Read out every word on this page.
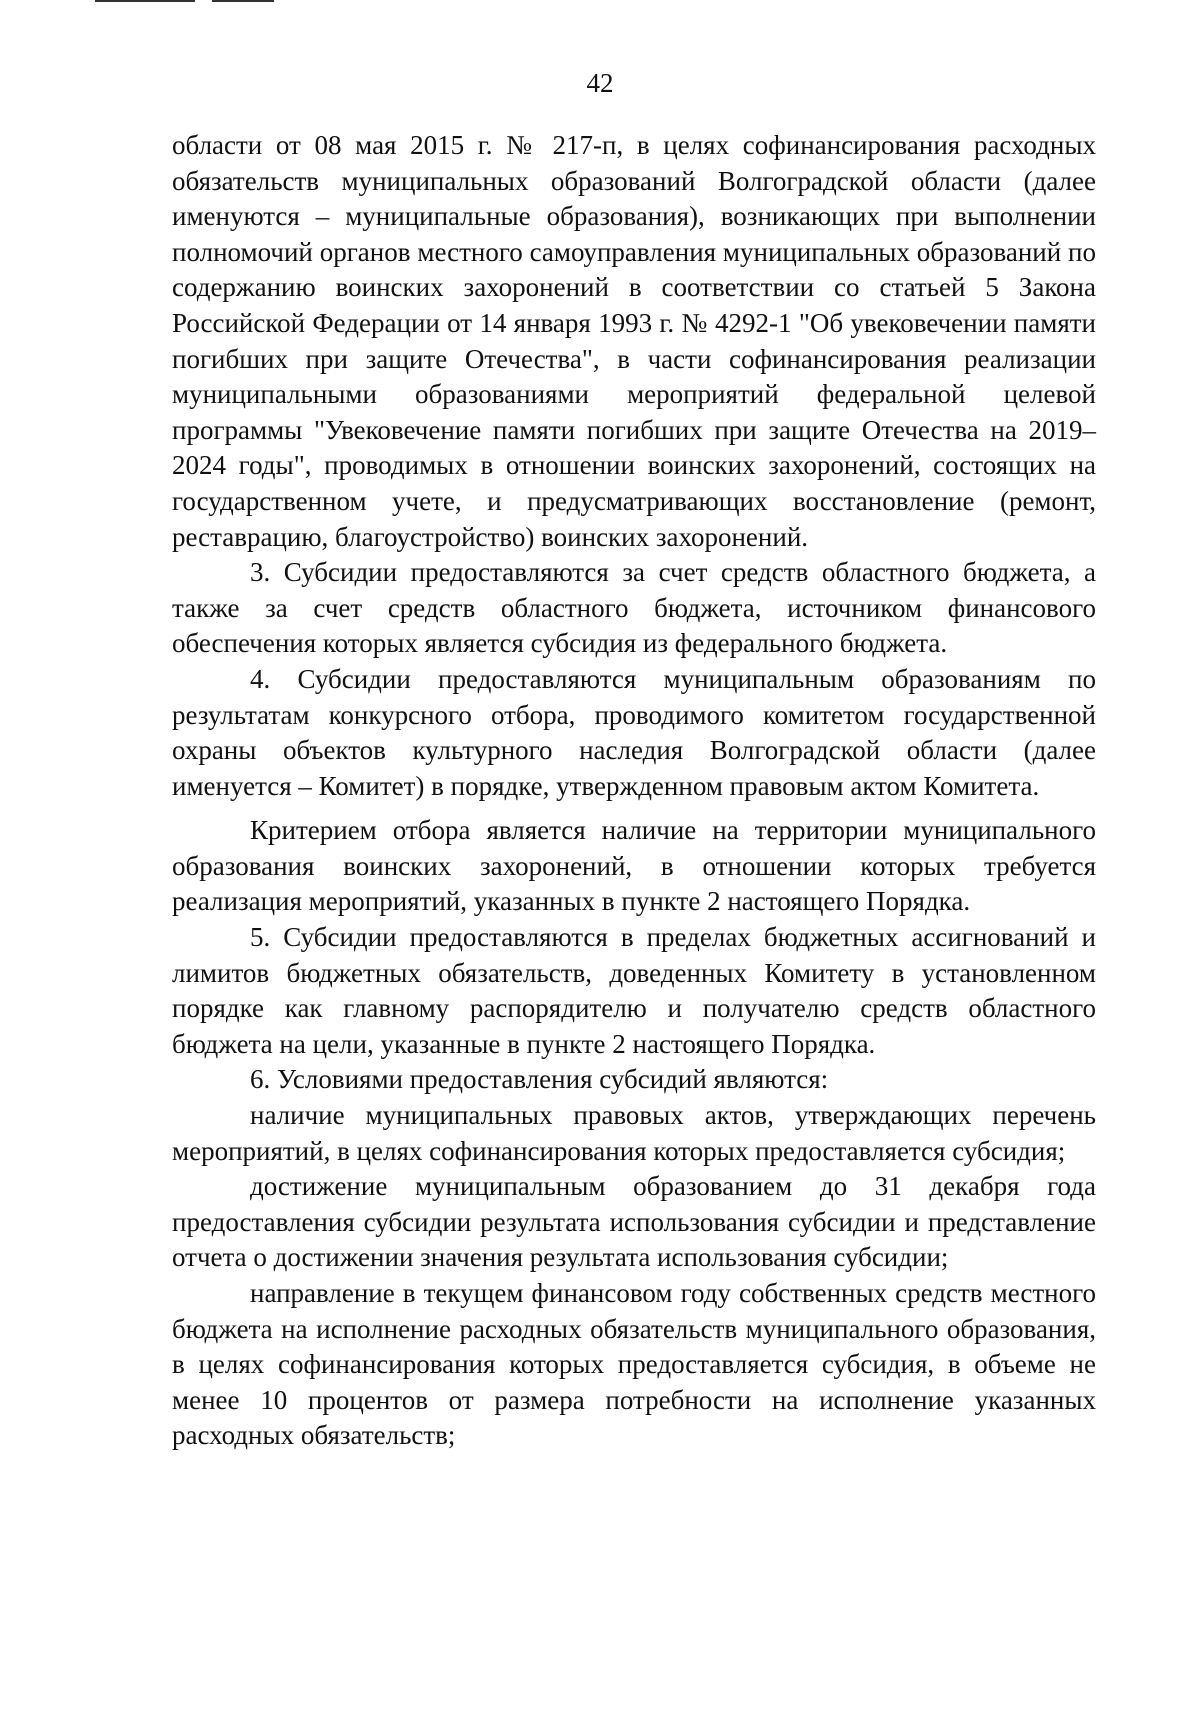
42

области от 08 мая 2015 г. № 217-п, в целях софинансирования расходных обязательств муниципальных образований Волгоградской области (далее именуются – муниципальные образования), возникающих при выполнении полномочий органов местного самоуправления муниципальных образований по содержанию воинских захоронений в соответствии со статьей 5 Закона Российской Федерации от 14 января 1993 г. № 4292-1 "Об увековечении памяти погибших при защите Отечества", в части софинансирования реализации муниципальными образованиями мероприятий федеральной целевой программы "Увековечение памяти погибших при защите Отечества на 2019–2024 годы", проводимых в отношении воинских захоронений, состоящих на государственном учете, и предусматривающих восстановление (ремонт, реставрацию, благоустройство) воинских захоронений.

3. Субсидии предоставляются за счет средств областного бюджета, а также за счет средств областного бюджета, источником финансового обеспечения которых является субсидия из федерального бюджета.

4. Субсидии предоставляются муниципальным образованиям по результатам конкурсного отбора, проводимого комитетом государственной охраны объектов культурного наследия Волгоградской области (далее именуется – Комитет) в порядке, утвержденном правовым актом Комитета.

Критерием отбора является наличие на территории муниципального образования воинских захоронений, в отношении которых требуется реализация мероприятий, указанных в пункте 2 настоящего Порядка.

5. Субсидии предоставляются в пределах бюджетных ассигнований и лимитов бюджетных обязательств, доведенных Комитету в установленном порядке как главному распорядителю и получателю средств областного бюджета на цели, указанные в пункте 2 настоящего Порядка.

6. Условиями предоставления субсидий являются:

наличие муниципальных правовых актов, утверждающих перечень мероприятий, в целях софинансирования которых предоставляется субсидия;

достижение муниципальным образованием до 31 декабря года предоставления субсидии результата использования субсидии и представление отчета о достижении значения результата использования субсидии;

направление в текущем финансовом году собственных средств местного бюджета на исполнение расходных обязательств муниципального образования, в целях софинансирования которых предоставляется субсидия, в объеме не менее 10 процентов от размера потребности на исполнение указанных расходных обязательств;
